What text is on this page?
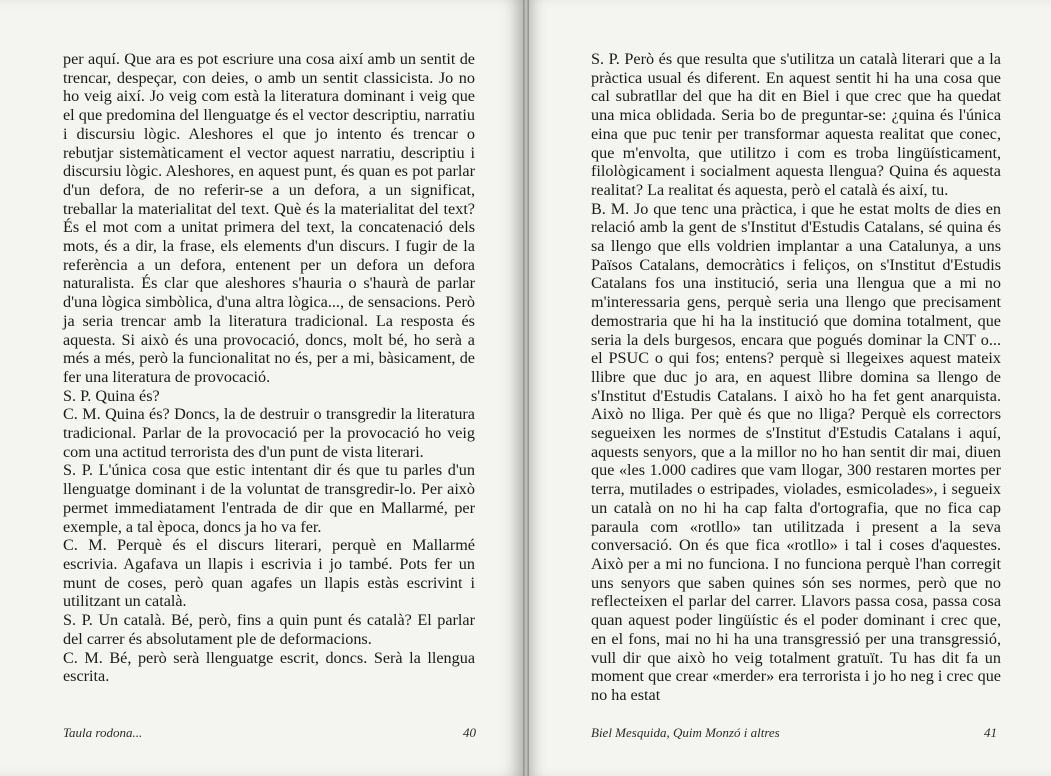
per aquí. Que ara es pot escriure una cosa així amb un sentit de trencar, despeçar, con deies, o amb un sentit classicista. Jo no ho veig així. Jo veig com està la literatura dominant i veig que el que predomina del llenguatge és el vector descriptiu, narratiu i discursiu lògic. Aleshores el que jo intento és trencar o rebutjar sistemàticament el vector aquest narratiu, descriptiu i discursiu lògic. Aleshores, en aquest punt, és quan es pot parlar d'un defora, de no referir-se a un defora, a un significat, treballar la materialitat del text. Què és la materialitat del text? És el mot com a unitat primera del text, la concatenació dels mots, és a dir, la frase, els elements d'un discurs. I fugir de la referència a un defora, entenent per un defora un defora naturalista. És clar que aleshores s'hauria o s'haurà de parlar d'una lògica simbòlica, d'una altra lògica..., de sensacions. Però ja seria trencar amb la literatura tradicional. La resposta és aquesta. Si això és una provocació, doncs, molt bé, ho serà a més a més, però la funcionalitat no és, per a mi, bàsicament, de fer una literatura de provocació.

S. P. Quina és?

C. M. Quina és? Doncs, la de destruir o transgredir la literatura tradicional. Parlar de la provocació per la provocació ho veig com una actitud terrorista des d'un punt de vista literari.

S. P. L'única cosa que estic intentant dir és que tu parles d'un llenguatge dominant i de la voluntat de transgredir-lo. Per això permet immediatament l'entrada de dir que en Mallarmé, per exemple, a tal època, doncs ja ho va fer.

C. M. Perquè és el discurs literari, perquè en Mallarmé escrivia. Agafava un llapis i escrivia i jo també. Pots fer un munt de coses, però quan agafes un llapis estàs escrivint i utilitzant un català.

S. P. Un català. Bé, però, fins a quin punt és català? El parlar del carrer és absolutament ple de deformacions.

C. M. Bé, però serà llenguatge escrit, doncs. Serà la llengua escrita.

Taula rodona...	40

S. P. Però és que resulta que s'utilitza un català literari que a la pràctica usual és diferent. En aquest sentit hi ha una cosa que cal subratllar del que ha dit en Biel i que crec que ha quedat una mica oblidada. Seria bo de preguntar-se: ¿quina és l'única eina que puc tenir per transformar aquesta realitat que conec, que m'envolta, que utilitzo i com es troba lingüísticament, filològicament i socialment aquesta llengua? Quina és aquesta realitat? La realitat és aquesta, però el català és així, tu.

B. M. Jo que tenc una pràctica, i que he estat molts de dies en relació amb la gent de s'Institut d'Estudis Catalans, sé quina és sa llengo que ells voldrien implantar a una Catalunya, a uns Països Catalans, democràtics i feliços, on s'Institut d'Estudis Catalans fos una institució, seria una llengua que a mi no m'interessaria gens, perquè seria una llengo que precisament demostraria que hi ha la institució que domina totalment, que seria la dels burgesos, encara que pogués dominar la CNT o... el PSUC o qui fos; entens? perquè si llegeixes aquest mateix llibre que duc jo ara, en aquest llibre domina sa llengo de s'Institut d'Estudis Catalans. I això ho ha fet gent anarquista. Això no lliga. Per què és que no lliga? Perquè els correctors segueixen les normes de s'Institut d'Estudis Catalans i aquí, aquests senyors, que a la millor no ho han sentit dir mai, diuen que «les 1.000 cadires que vam llogar, 300 restaren mortes per terra, mutilades o estripades, violades, esmicolades», i segueix un català on no hi ha cap falta d'ortografia, que no fica cap paraula com «rotllo» tan utilitzada i present a la seva conversació. On és que fica «rotllo» i tal i coses d'aquestes. Això per a mi no funciona. I no funciona perquè l'han corregit uns senyors que saben quines són ses normes, però que no reflecteixen el parlar del carrer. Llavors passa cosa, passa cosa quan aquest poder lingüístic és el poder dominant i crec que, en el fons, mai no hi ha una transgressió per una transgressió, vull dir que això ho veig totalment gratuït. Tu has dit fa un moment que crear «merder» era terrorista i jo ho neg i crec que no ha estat

Biel Mesquida, Quim Monzó i altres	41
